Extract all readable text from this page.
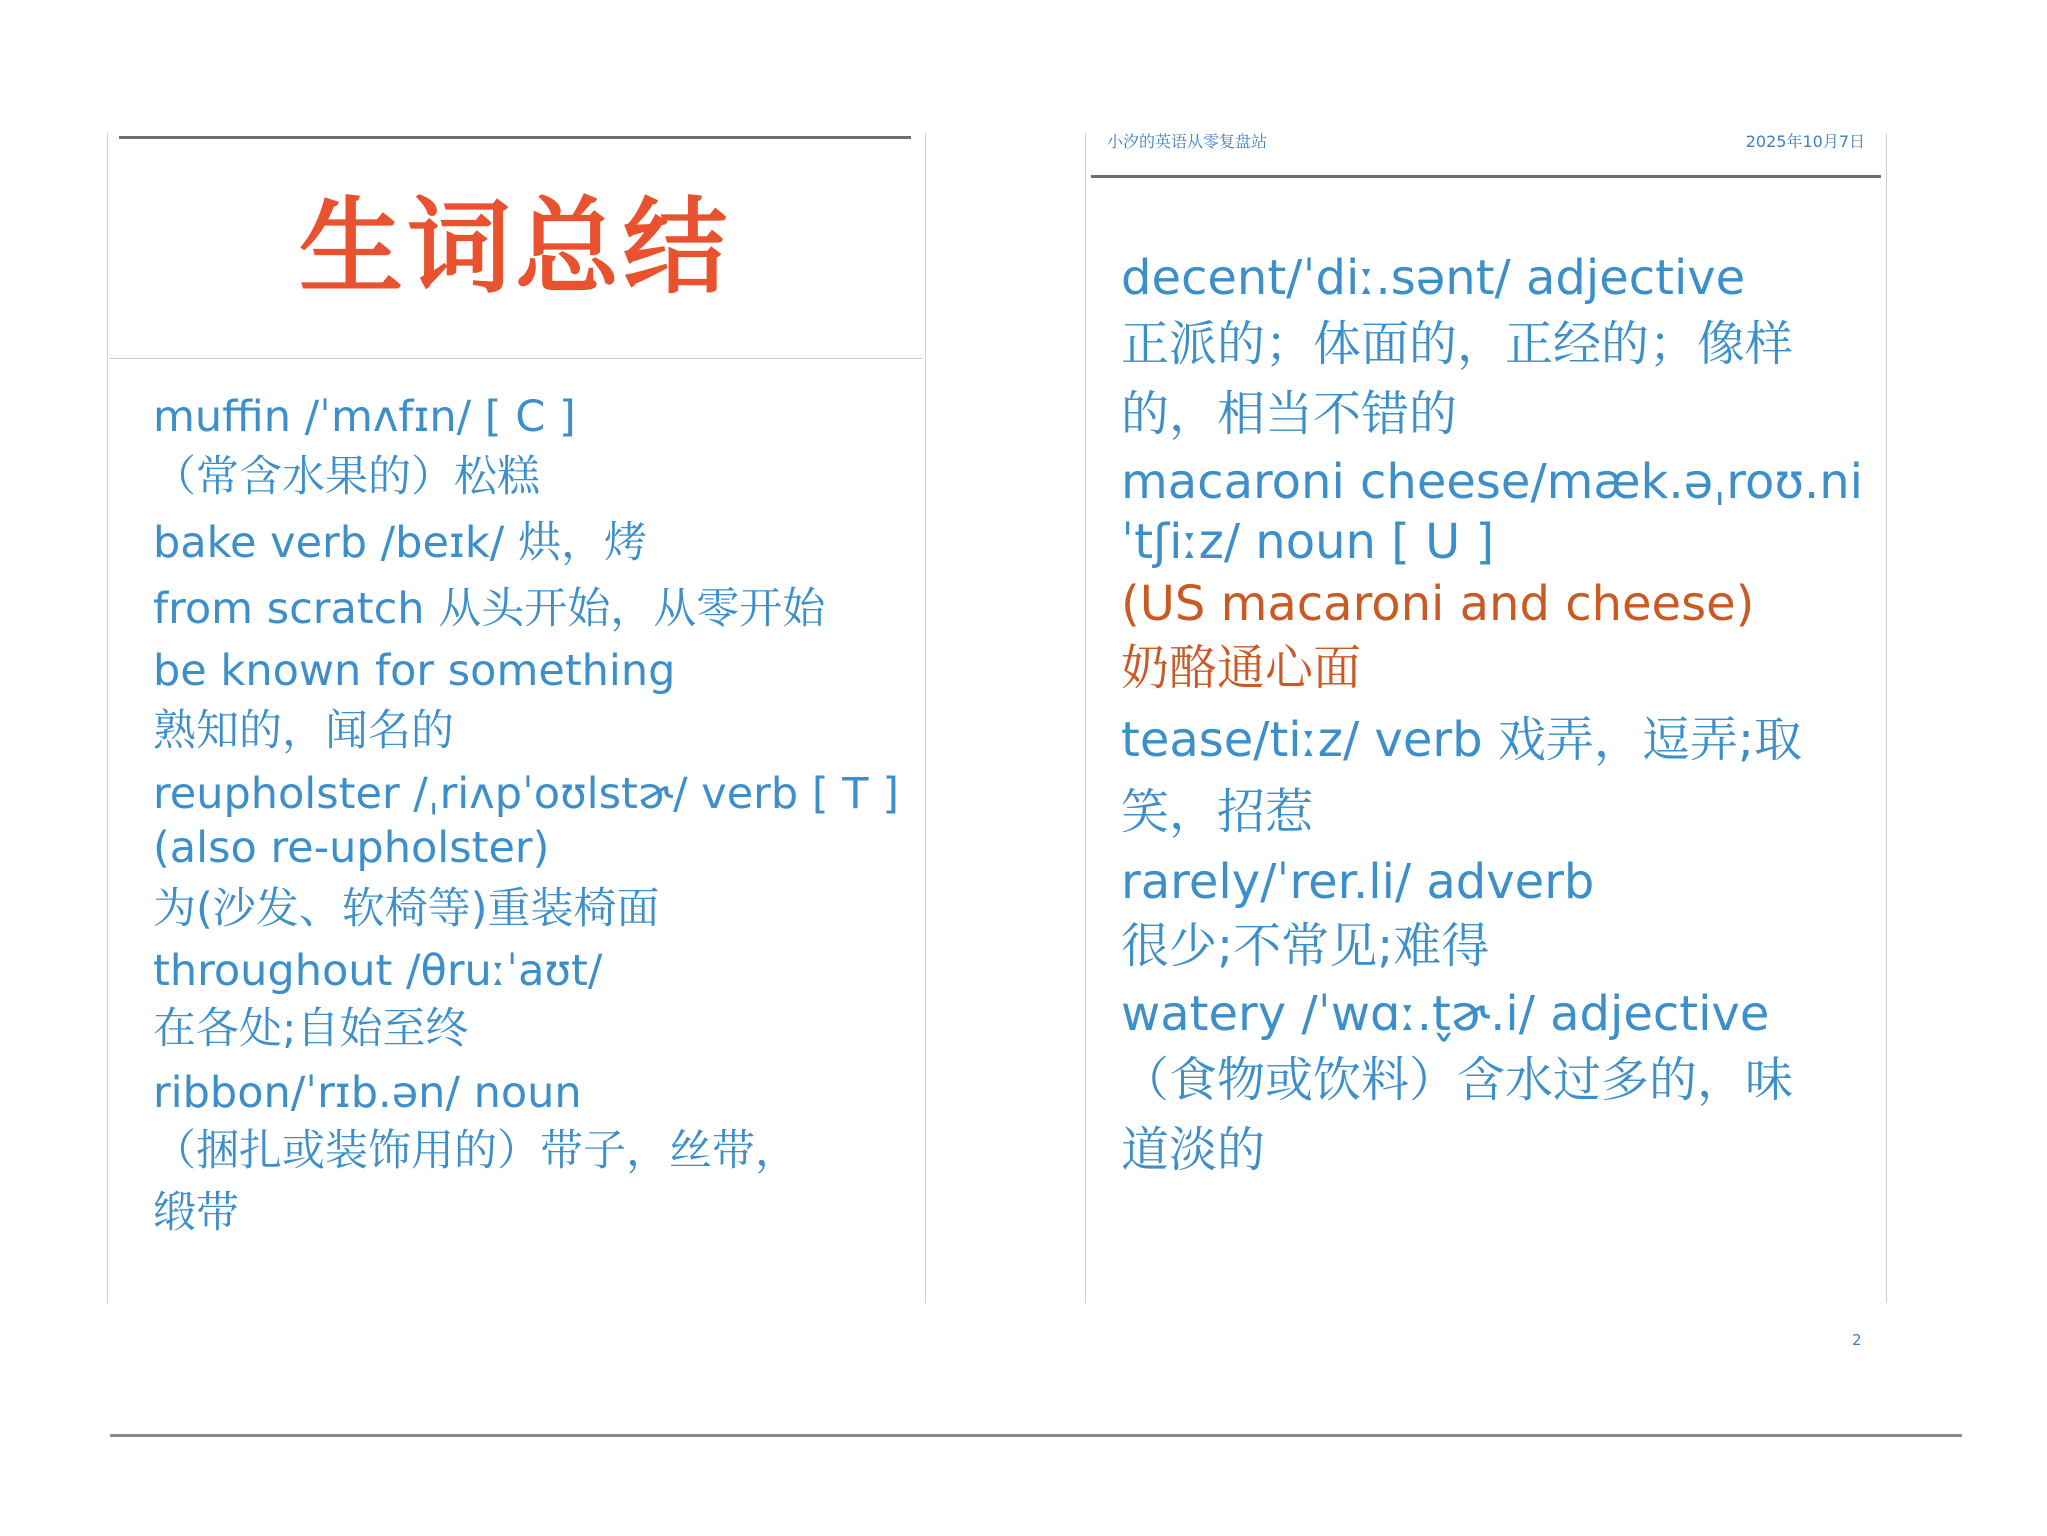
生词总结
muffin /ˈmʌfɪn/ [ C ]
（常含水果的）松糕
bake verb /beɪk/ 烘，烤
from scratch 从头开始，从零开始
be known for something
熟知的，闻名的
reupholster /ˌriʌpˈoʊlstɚ/ verb [ T ]
(also re-upholster)
为(沙发、软椅等)重装椅面
throughout /θruːˈaʊt/
在各处;自始至终
ribbon/ˈrɪb.ən/ noun
（捆扎或装饰用的）带子，丝带，
缎带
小汐的英语从零复盘站	2025年10月7日
decent/ˈdiː.sənt/ adjective
正派的；体面的，正经的；像样
的，相当不错的
macaroni cheese/mæk.əˌroʊ.ni
ˈtʃiːz/ noun [ U ]
(US macaroni and cheese)
奶酪通心面
tease/tiːz/ verb 戏弄，逗弄;取
笑，招惹
rarely/ˈrer.li/ adverb
很少;不常见;难得
watery /ˈwɑː.t̬ɚ.i/ adjective
（食物或饮料）含水过多的，味
道淡的
2
